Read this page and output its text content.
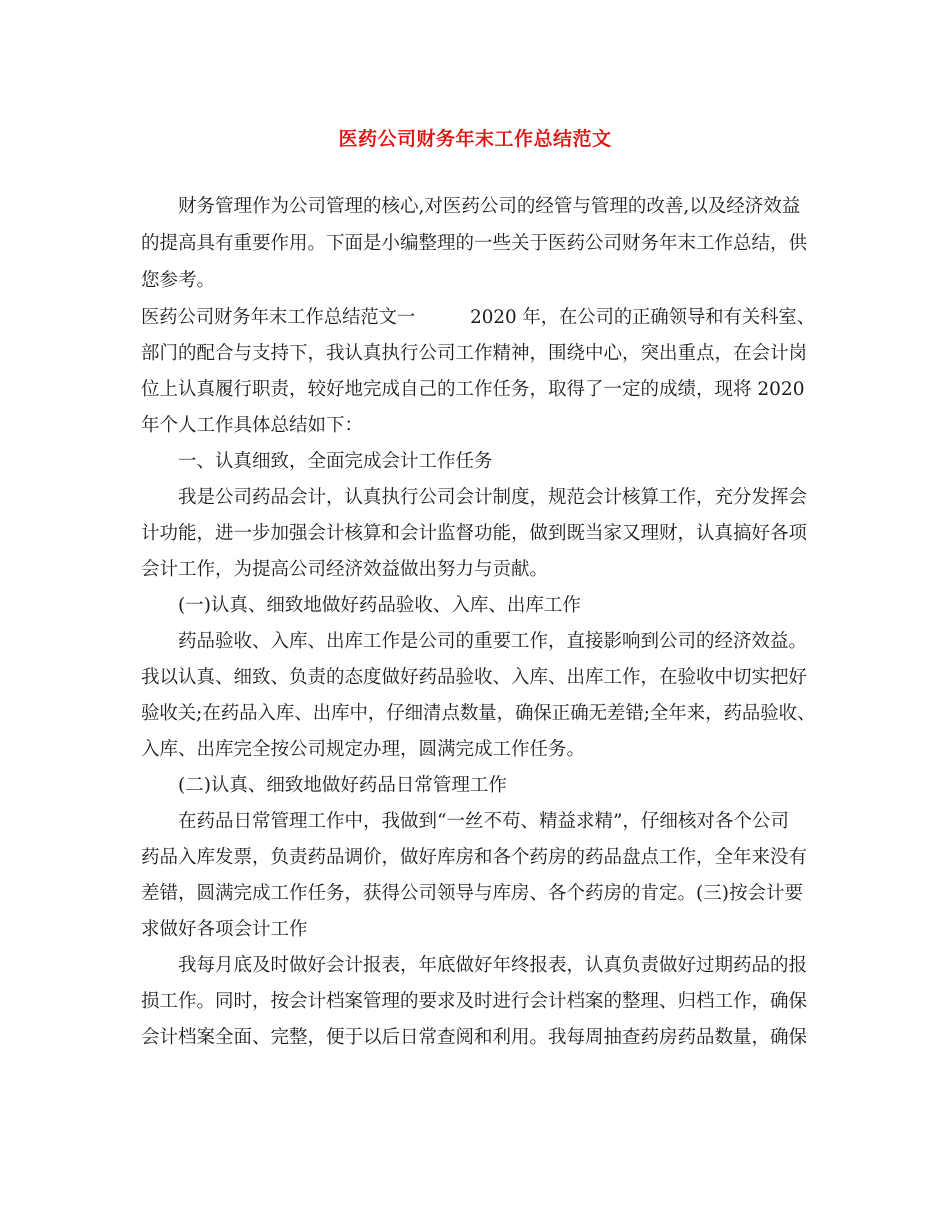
医药公司财务年末工作总结范文
财务管理作为公司管理的核心,对医药公司的经管与管理的改善,以及经济效益
的提高具有重要作用。下面是小编整理的一些关于医药公司财务年末工作总结，供
您参考。
医药公司财务年末工作总结范文一　　　2020 年，在公司的正确领导和有关科室、
部门的配合与支持下，我认真执行公司工作精神，围绕中心，突出重点，在会计岗
位上认真履行职责，较好地完成自己的工作任务，取得了一定的成绩，现将 2020
年个人工作具体总结如下：
一、认真细致，全面完成会计工作任务
我是公司药品会计，认真执行公司会计制度，规范会计核算工作，充分发挥会
计功能，进一步加强会计核算和会计监督功能，做到既当家又理财，认真搞好各项
会计工作，为提高公司经济效益做出努力与贡献。
(一)认真、细致地做好药品验收、入库、出库工作
药品验收、入库、出库工作是公司的重要工作，直接影响到公司的经济效益。
我以认真、细致、负责的态度做好药品验收、入库、出库工作，在验收中切实把好
验收关;在药品入库、出库中，仔细清点数量，确保正确无差错;全年来，药品验收、
入库、出库完全按公司规定办理，圆满完成工作任务。
(二)认真、细致地做好药品日常管理工作
在药品日常管理工作中，我做到“一丝不苟、精益求精”，仔细核对各个公司
药品入库发票，负责药品调价，做好库房和各个药房的药品盘点工作，全年来没有
差错，圆满完成工作任务，获得公司领导与库房、各个药房的肯定。(三)按会计要
求做好各项会计工作
我每月底及时做好会计报表，年底做好年终报表，认真负责做好过期药品的报
损工作。同时，按会计档案管理的要求及时进行会计档案的整理、归档工作，确保
会计档案全面、完整，便于以后日常查阅和利用。我每周抽查药房药品数量，确保
